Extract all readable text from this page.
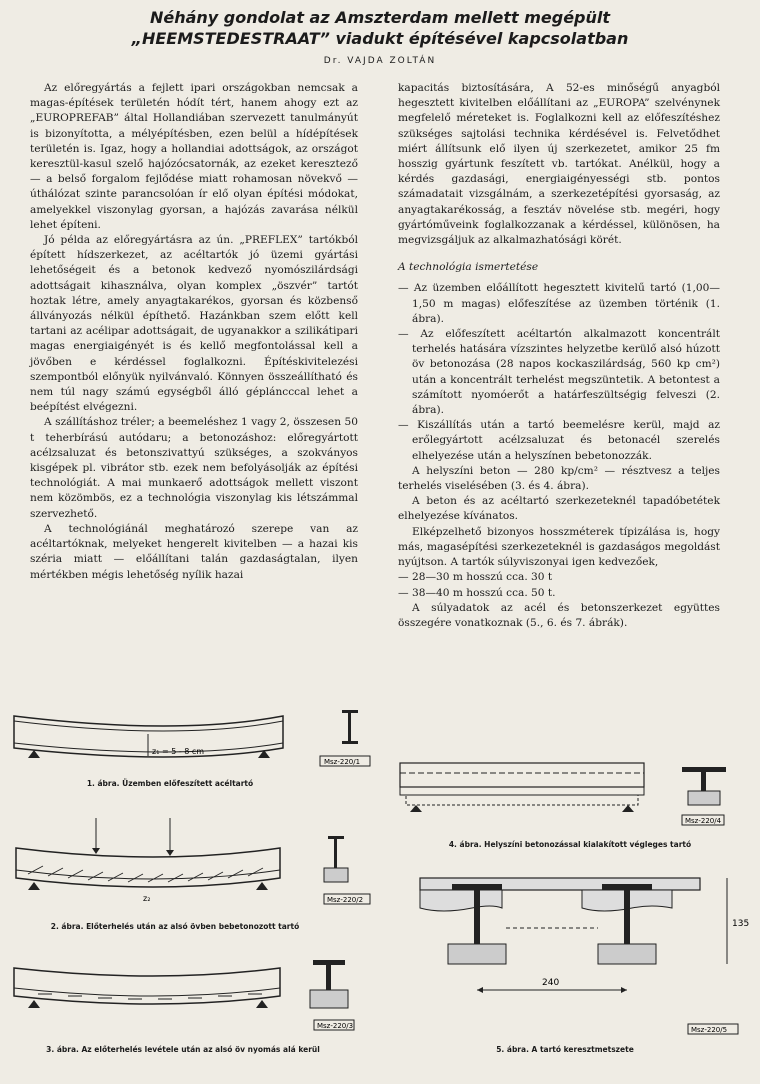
Néhány gondolat az Amszterdam mellett megépült
„HEEMSTEDESTRAAT” viadukt építésével kapcsolatban
Dr. VAJDA ZOLTÁN

Az előregyártás a fejlett ipari országokban nemcsak a magas-építések területén hódít tért, hanem ahogy ezt az „EUROPREFAB” által Hollandiában szervezett tanulmányút is bizonyította, a mélyépítésben, ezen belül a hídépítések területén is. Igaz, hogy a hollandiai adottságok, az országot keresztül-kasul szelő hajózócsatornák, az ezeket keresztező — a belső forgalom fejlődése miatt rohamosan növekvő — úthálózat szinte parancsolóan ír elő olyan építési módokat, amelyekkel viszonylag gyorsan, a hajózás zavarása nélkül lehet építeni.

Jó példa az előregyártásra az ún. „PREFLEX” tartókból épített hídszerkezet, az acéltartók jó üzemi gyártási lehetőségeit és a betonok kedvező nyomószilárdsági adottságait kihasználva, olyan komplex „öszvér” tartót hoztak létre, amely anyagtakarékos, gyorsan és közbenső állványozás nélkül építhető. Hazánkban szem előtt kell tartani az acélipar adottságait, de ugyanakkor a szilikátipari magas energiaigényét is és kellő megfontolással kell a jövőben e kérdéssel foglalkozni. Építéskivitelezési szempontból előnyük nyilvánvaló. Könnyen összeállítható és nem túl nagy számú egységből álló gépláncccal lehet a beépítést elvégezni.

A szállításhoz tréler; a beemeléshez 1 vagy 2, összesen 50 t teherbírású autódaru; a betonozáshoz: előregyártott acélzsaluzat és betonszivattyú szükséges, a szokványos kisgépek pl. vibrátor stb. ezek nem befolyásolják az építési technológiát. A mai munkaerő adottságok mellett viszont nem közömbös, ez a technológia viszonylag kis létszámmal szervezhető.

A technológiánál meghatározó szerepe van az acéltartóknak, melyeket hengerelt kivitelben — a hazai kis széria miatt — előállítani talán gazdaságtalan, ilyen mértékben mégis lehetőség nyílik hazai

kapacitás biztosítására, A 52-es minőségű anyagból hegesztett kivitelben előállítani az „EUROPA” szelvénynek megfelelő méreteket is. Foglalkozni kell az előfeszítéshez szükséges sajtolási technika kérdésével is. Felvetődhet miért állítsunk elő ilyen új szerkezetet, amikor 25 fm hosszig gyártunk feszített vb. tartókat. Anélkül, hogy a kérdés gazdasági, energiaigényességi stb. pontos számadatait vizsgálnám, a szerkezetépítési gyorsaság, az anyagtakarékosság, a fesztáv növelése stb. megéri, hogy gyártóműveink foglalkozzanak a kérdéssel, különösen, ha megvizsgáljuk az alkalmazhatósági körét.

A technológia ismertetése

— Az üzemben előállított hegesztett kivitelű tartó (1,00—1,50 m magas) előfeszítése az üzemben történik (1. ábra).

— Az előfeszített acéltartón alkalmazott koncentrált terhelés hatására vízszintes helyzetbe kerülő alsó húzott öv betonozása (28 napos kockaszilárdság, 560 kp cm²) után a koncentrált terhelést megszüntetik. A betontest a számított nyomóerőt a határfeszültségig felveszi (2. ábra).

— Kiszállítás után a tartó beemelésre kerül, majd az erőlegyártott acélzsaluzat és betonacél szerelés elhelyezése után a helyszínen bebetonozzák.

A helyszíni beton — 280 kp/cm² — résztvesz a teljes terhelés viselésében (3. és 4. ábra).

A beton és az acéltartó szerkezeteknél tapadóbetétek elhelyezése kívánatos.

Elképzelhető bizonyos hosszméterek típizálása is, hogy más, magasépítési szerkezeteknél is gazdaságos megoldást nyújtson. A tartók súlyviszonyai igen kedvezőek,

— 28—30 m hosszú cca. 30 t

— 38—40 m hosszú cca. 50 t.

A súlyadatok az acél és betonszerkezet együttes összegére vonatkoznak (5., 6. és 7. ábrák).

z₁ = 5 - 8 cm
Msz-220/1
1. ábra. Üzemben előfeszített acéltartó
z₂	Msz-220/2
2. ábra. Előterhelés után az alsó övben bebetonozott tartó
Msz-220/3
3. ábra. Az előterhelés levétele után az alsó öv nyomás alá kerül
Msz-220/4
4. ábra. Helyszíni betonozással kialakított végleges tartó
135
240
Msz-220/5
5. ábra. A tartó keresztmetszete
